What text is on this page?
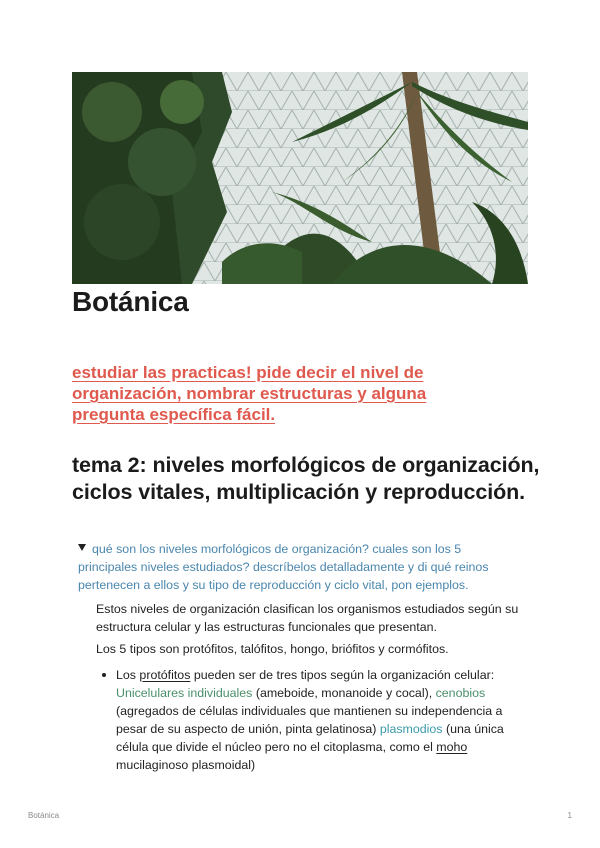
Botánica

estudiar las practicas! pide decir el nivel de organización, nombrar estructuras y alguna pregunta específica fácil.

tema 2: niveles morfológicos de organización, ciclos vitales, multiplicación y reproducción.
qué son los niveles morfológicos de organización? cuales son los 5 principales niveles estudiados? descríbelos detalladamente y di qué reinos pertenecen a ellos y su tipo de reproducción y ciclo vital, pon ejemplos.
Estos niveles de organización clasifican los organismos estudiados según su estructura celular y las estructuras funcionales que presentan.
Los 5 tipos son protófitos, talófitos, hongo, briófitos y cormófitos.
Los protófitos pueden ser de tres tipos según la organización celular: Unicelulares individuales (ameboide, monanoide y cocal), cenobios (agregados de células individuales que mantienen su independencia a pesar de su aspecto de unión, pinta gelatinosa) plasmodios (una única célula que divide el núcleo pero no el citoplasma, como el moho mucilaginoso plasmoidal)
Botánica	1
